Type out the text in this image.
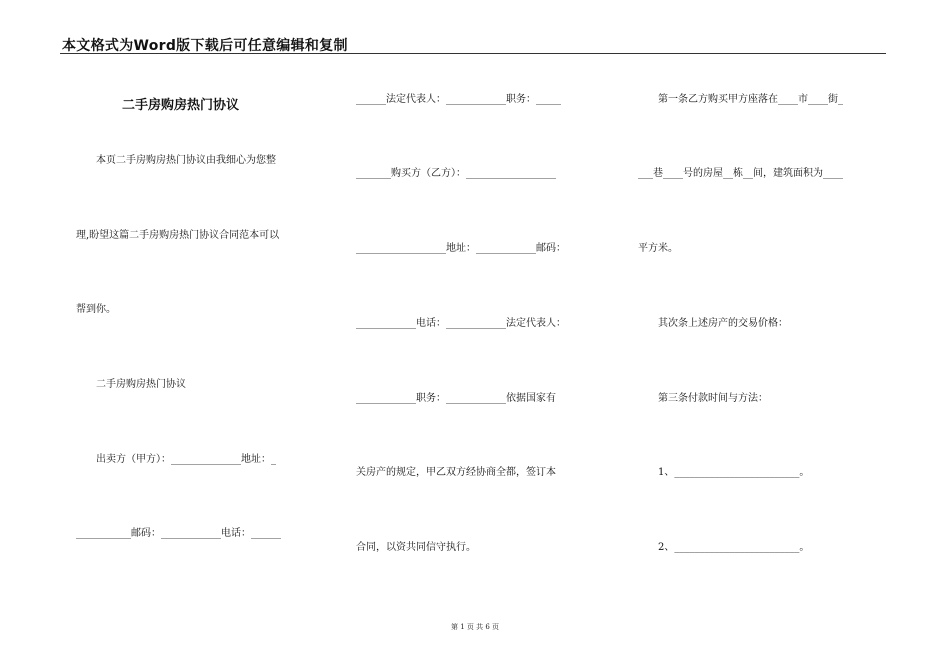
本文格式为Word版下载后可任意编辑和复制
二手房购房热门协议
　　本页二手房购房热门协议由我细心为您整
理,盼望这篇二手房购房热门协议合同范本可以
帮到你。
　　二手房购房热门协议
　　出卖方（甲方）：______________地址：_
___________邮码：____________电话：______
______法定代表人：____________职务：_____
_______购买方（乙方）：__________________
__________________地址：____________邮码：
____________电话：____________法定代表人：
____________职务：____________依据国家有
关房产的规定，甲乙双方经协商全都，签订本
合同，以资共同信守执行。
　　第一条乙方购买甲方座落在____市____街_
___巷____号的房屋__栋__间，建筑面积为____
平方米。
　　其次条上述房产的交易价格：
　　第三条付款时间与方法：
　　1、_________________________。
　　2、_________________________。
第 1 页 共 6 页
